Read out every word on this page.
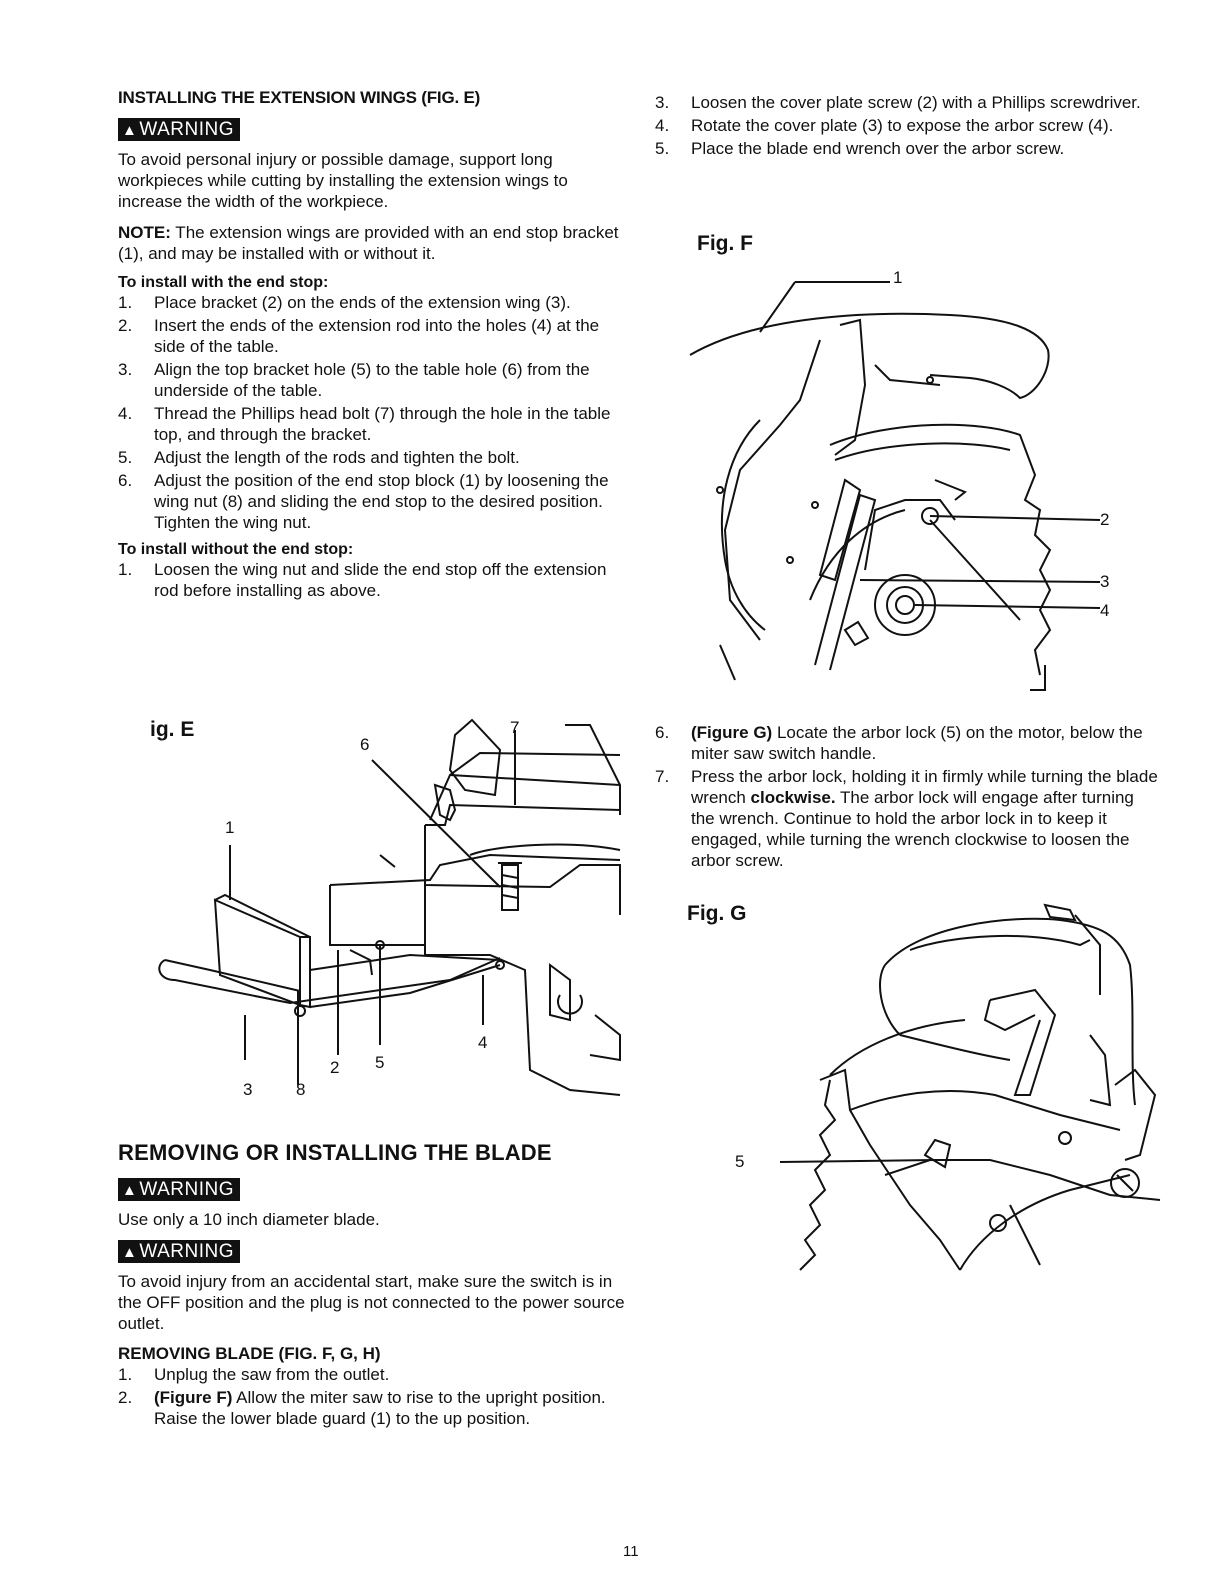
INSTALLING THE EXTENSION WINGS (FIG. E)
▲ WARNING

To avoid personal injury or possible damage, support long workpieces while cutting by installing the extension wings to increase the width of the workpiece.

NOTE: The extension wings are provided with an end stop bracket (1), and may be installed with or without it.

To install with the end stop:
1. Place bracket (2) on the ends of the extension wing (3).
2. Insert the ends of the extension rod into the holes (4) at the side of the table.
3. Align the top bracket hole (5) to the table hole (6) from the underside of the table.
4. Thread the Phillips head bolt (7) through the hole in the table top, and through the bracket.
5. Adjust the length of the rods and tighten the bolt.
6. Adjust the position of the end stop block (1) by loosening the wing nut (8) and sliding the end stop to the desired position. Tighten the wing nut.
To install without the end stop:
1. Loosen the wing nut and slide the end stop off the extension rod before installing as above.
ig. E
1
2
3
4
5
6
7
8
REMOVING OR INSTALLING THE BLADE
▲ WARNING

Use only a 10 inch diameter blade.

▲ WARNING

To avoid injury from an accidental start, make sure the switch is in the OFF position and the plug is not connected to the power source outlet.

REMOVING BLADE (FIG. F, G, H)
1. Unplug the saw from the outlet.
2. (Figure F) Allow the miter saw to rise to the upright position. Raise the lower blade guard (1) to the up position.
3. Loosen the cover plate screw (2) with a Phillips screwdriver.
4. Rotate the cover plate (3) to expose the arbor screw (4).
5. Place the blade end wrench over the arbor screw.
Fig. F
1
2
3
4
6. (Figure G) Locate the arbor lock (5) on the motor, below the miter saw switch handle.
7. Press the arbor lock, holding it in firmly while turning the blade wrench clockwise. The arbor lock will engage after turning the wrench. Continue to hold the arbor lock in to keep it engaged, while turning the wrench clockwise to loosen the arbor screw.
Fig. G
5
11
